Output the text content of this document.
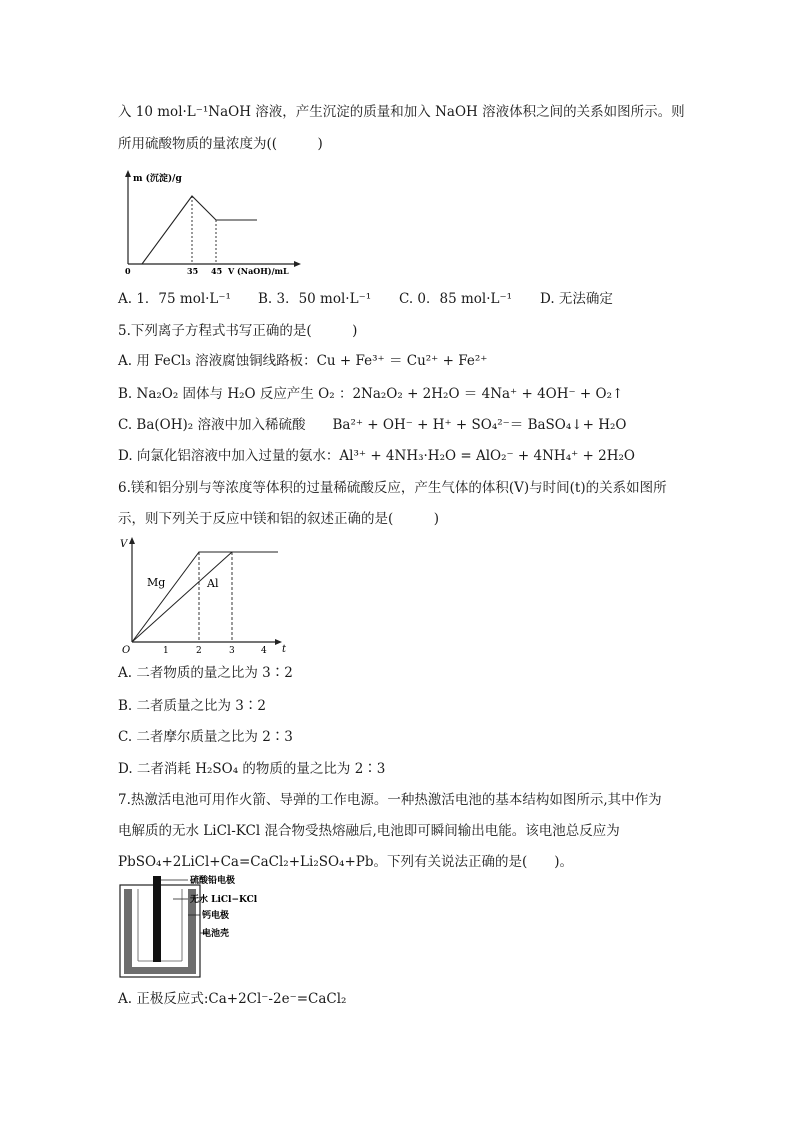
入 10 mol·L⁻¹NaOH 溶液，产生沉淀的质量和加入 NaOH 溶液体积之间的关系如图所示。则
所用硫酸物质的量浓度为((　　　)
m (沉淀)/g
0	35 45 V (NaOH)/mL
A. 1．75 mol·L⁻¹ B. 3．50 mol·L⁻¹ C. 0．85 mol·L⁻¹ D. 无法确定
5.下列离子方程式书写正确的是(　　　)
A. 用 FeCl₃ 溶液腐蚀铜线路板：Cu + Fe³⁺ ＝ Cu²⁺ + Fe²⁺
B. Na₂O₂ 固体与 H₂O 反应产生 O₂ ：2Na₂O₂ + 2H₂O ＝ 4Na⁺ + 4OH⁻ + O₂↑
C. Ba(OH)₂ 溶液中加入稀硫酸　　Ba²⁺ + OH⁻ + H⁺ + SO₄²⁻＝ BaSO₄↓+ H₂O
D. 向氯化铝溶液中加入过量的氨水：Al³⁺ + 4NH₃·H₂O = AlO₂⁻ + 4NH₄⁺ + 2H₂O
6.镁和铝分别与等浓度等体积的过量稀硫酸反应，产生气体的体积(V)与时间(t)的关系如图所
示，则下列关于反应中镁和铝的叙述正确的是(　　　)
V
t
O
Mg	Al
1	2	3	4
A. 二者物质的量之比为 3∶2
B. 二者质量之比为 3∶2
C. 二者摩尔质量之比为 2∶3
D. 二者消耗 H₂SO₄ 的物质的量之比为 2∶3
7.热激活电池可用作火箭、导弹的工作电源。一种热激活电池的基本结构如图所示,其中作为
电解质的无水 LiCl-KCl 混合物受热熔融后,电池即可瞬间输出电能。该电池总反应为
PbSO₄+2LiCl+Ca=CaCl₂+Li₂SO₄+Pb。下列有关说法正确的是(　　)。
硫酸铅电极
无水 LiCl−KCl
钙电极
电池壳
A. 正极反应式:Ca+2Cl⁻-2e⁻=CaCl₂
